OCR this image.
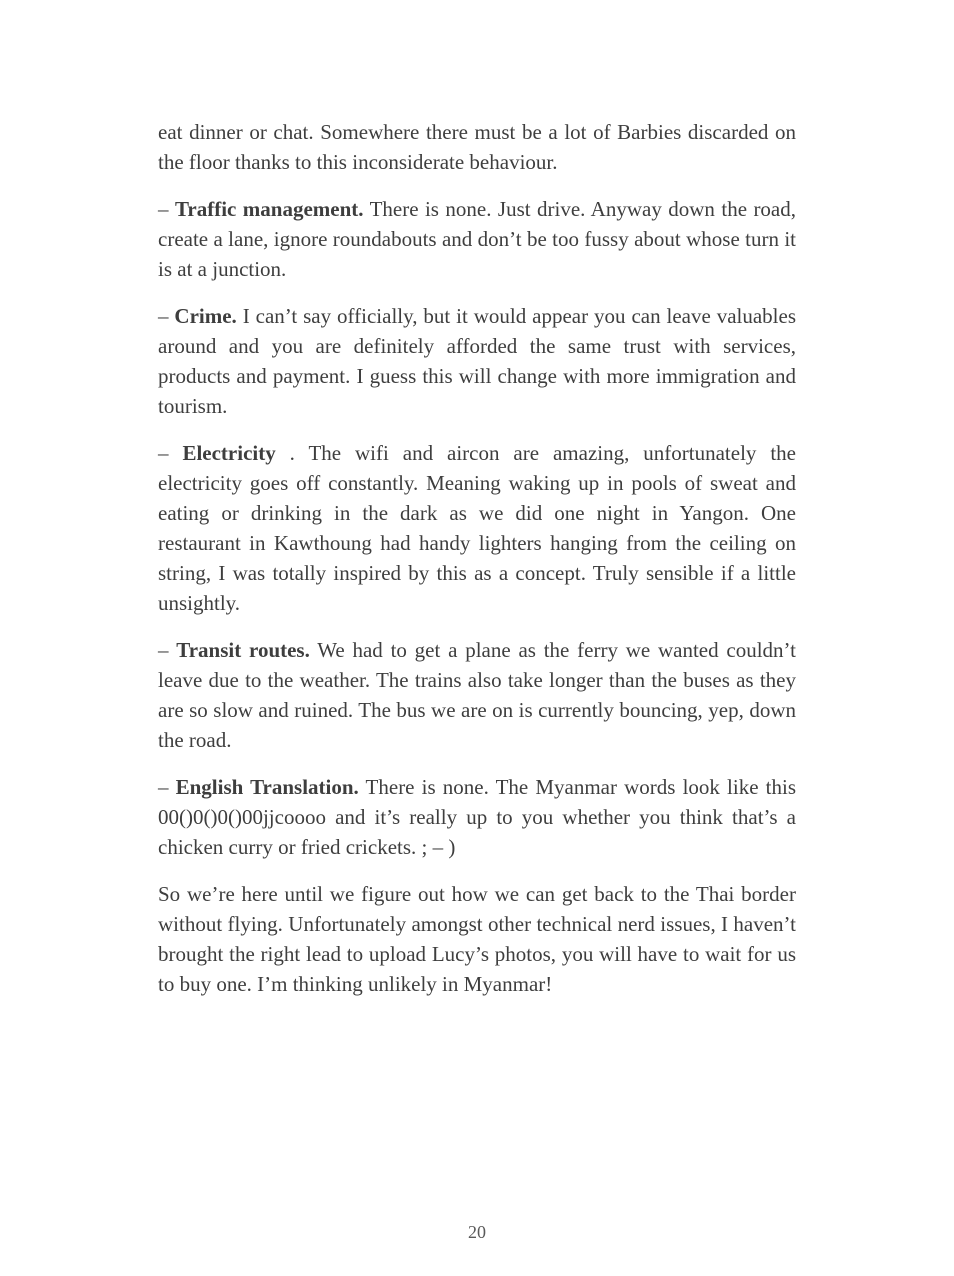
eat dinner or chat. Somewhere there must be a lot of Barbies discarded on the floor thanks to this inconsiderate behaviour.

– Traffic management. There is none. Just drive. Anyway down the road, create a lane, ignore roundabouts and don’t be too fussy about whose turn it is at a junction.

– Crime. I can’t say officially, but it would appear you can leave valuables around and you are definitely afforded the same trust with services, products and payment. I guess this will change with more immigration and tourism.

– Electricity . The wifi and aircon are amazing, unfortunately the electricity goes off constantly. Meaning waking up in pools of sweat and eating or drinking in the dark as we did one night in Yangon. One restaurant in Kawthoung had handy lighters hanging from the ceiling on string, I was totally inspired by this as a concept. Truly sensible if a little unsightly.

– Transit routes. We had to get a plane as the ferry we wanted couldn’t leave due to the weather. The trains also take longer than the buses as they are so slow and ruined. The bus we are on is currently bouncing, yep, down the road.

– English Translation. There is none. The Myanmar words look like this 00()0()0()00jjcoooo and it’s really up to you whether you think that’s a chicken curry or fried crickets. ; – )

So we’re here until we figure out how we can get back to the Thai border without flying. Unfortunately amongst other technical nerd issues, I haven’t brought the right lead to upload Lucy’s photos, you will have to wait for us to buy one. I’m thinking unlikely in Myanmar!

20
